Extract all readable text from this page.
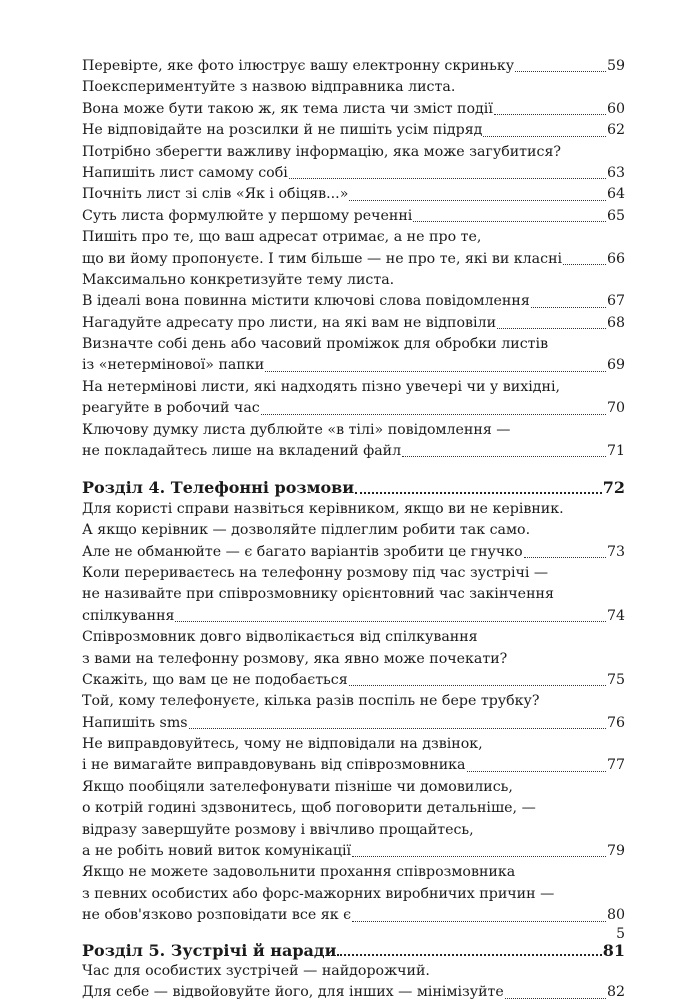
Перевірте, яке фото ілюструє вашу електронну скриньку	59
Поекспериментуйте з назвою відправника листа.
Вона може бути такою ж, як тема листа чи зміст події	60
Не відповідайте на розсилки й не пишіть усім підряд	62
Потрібно зберегти важливу інформацію, яка може загубитися?
Напишіть лист самому собі	63
Почніть лист зі слів «Як і обіцяв...»	64
Суть листа формулюйте у першому реченні	65
Пишіть про те, що ваш адресат отримає, а не про те,
що ви йому пропонуєте. І тим більше — не про те, які ви класні	66
Максимально конкретизуйте тему листа.
В ідеалі вона повинна містити ключові слова повідомлення	67
Нагадуйте адресату про листи, на які вам не відповіли	68
Визначте собі день або часовий проміжок для обробки листів
із «нетермінової» папки	69
На нетермінові листи, які надходять пізно увечері чи у вихідні,
реагуйте в робочий час	70
Ключову думку листа дублюйте «в тілі» повідомлення —
не покладайтесь лише на вкладений файл	71
Розділ 4. Телефонні розмови	72
Для користі справи назвіться керівником, якщо ви не керівник.
А якщо керівник — дозволяйте підлеглим робити так само.
Але не обманюйте — є багато варіантів зробити це гнучко	73
Коли перериваєтесь на телефонну розмову під час зустрічі —
не називайте при співрозмовнику орієнтовний час закінчення
спілкування	74
Співрозмовник довго відволікається від спілкування
з вами на телефонну розмову, яка явно може почекати?
Скажіть, що вам це не подобається	75
Той, кому телефонуєте, кілька разів поспіль не бере трубку?
Напишіть sms	76
Не виправдовуйтесь, чому не відповідали на дзвінок,
і не вимагайте виправдовувань від співрозмовника	77
Якщо пообіцяли зателефонувати пізніше чи домовились,
о котрій годині здзвонитесь, щоб поговорити детальніше, —
відразу завершуйте розмову і ввічливо прощайтесь,
а не робіть новий виток комунікації	79
Якщо не можете задовольнити прохання співрозмовника
з певних особистих або форс-мажорних виробничих причин —
не обов'язково розповідати все як є	80
Розділ 5. Зустрічі й наради	81
Час для особистих зустрічей — найдорожчий.
Для себе — відвойовуйте його, для інших — мінімізуйте	82
5
